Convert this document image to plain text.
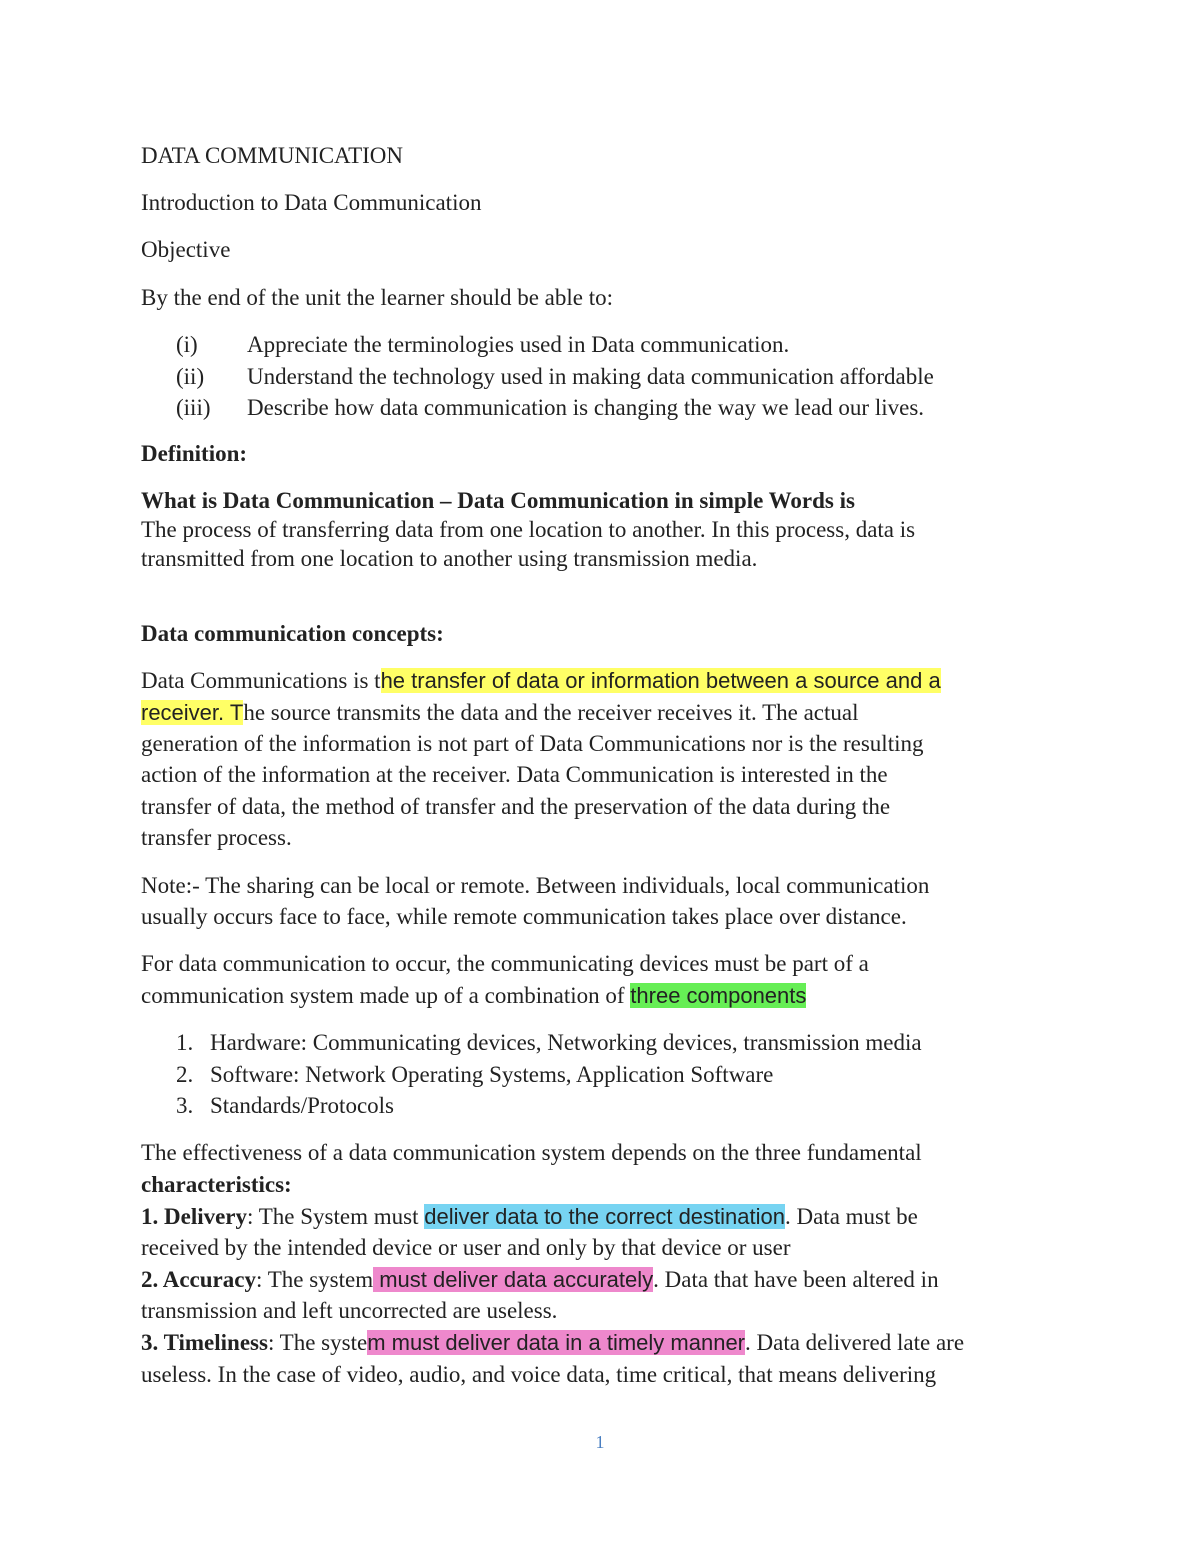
DATA COMMUNICATION
Introduction to Data Communication
Objective
By the end of the unit the learner should be able to:
(i) Appreciate the terminologies used in Data communication.
(ii) Understand the technology used in making data communication affordable
(iii) Describe how data communication is changing the way we lead our lives.
Definition:
What is Data Communication – Data Communication in simple Words is
The process of transferring data from one location to another. In this process, data is
transmitted from one location to another using transmission media.
Data communication concepts:
Data Communications is the transfer of data or information between a source and a
receiver. The source transmits the data and the receiver receives it. The actual
generation of the information is not part of Data Communications nor is the resulting
action of the information at the receiver. Data Communication is interested in the
transfer of data, the method of transfer and the preservation of the data during the
transfer process.
Note:- The sharing can be local or remote. Between individuals, local communication
usually occurs face to face, while remote communication takes place over distance.
For data communication to occur, the communicating devices must be part of a
communication system made up of a combination of three components
1. Hardware: Communicating devices, Networking devices, transmission media
2. Software: Network Operating Systems, Application Software
3. Standards/Protocols
The effectiveness of a data communication system depends on the three fundamental
characteristics:
1. Delivery: The System must deliver data to the correct destination. Data must be
received by the intended device or user and only by that device or user
2. Accuracy: The system must deliver data accurately. Data that have been altered in
transmission and left uncorrected are useless.
3. Timeliness: The system must deliver data in a timely manner. Data delivered late are
useless. In the case of video, audio, and voice data, time critical, that means delivering
1
